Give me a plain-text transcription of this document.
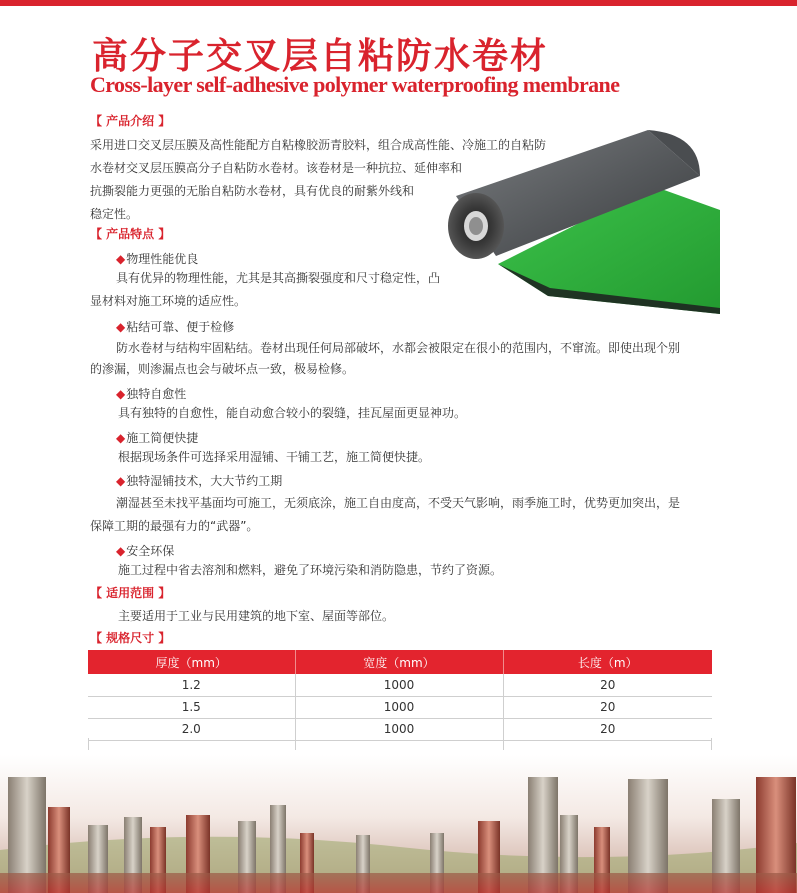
高分子交叉层自粘防水卷材
Cross-layer self-adhesive polymer waterproofing membrane
【 产品介绍 】
采用进口交叉层压膜及高性能配方自粘橡胶沥青胶料，组合成高性能、冷施工的自粘防
水卷材交叉层压膜高分子自粘防水卷材。该卷材是一种抗拉、延伸率和
抗撕裂能力更强的无胎自粘防水卷材，具有优良的耐紫外线和
稳定性。
【 产品特点 】
◆物理性能优良
具有优异的物理性能，尤其是其高撕裂强度和尺寸稳定性，凸
显材料对施工环境的适应性。
◆粘结可靠、便于检修
防水卷材与结构牢固粘结。卷材出现任何局部破坏，水都会被限定在很小的范围内，不窜流。即使出现个别
的渗漏，则渗漏点也会与破坏点一致，极易检修。
◆独特自愈性
具有独特的自愈性，能自动愈合较小的裂缝，挂瓦屋面更显神功。
◆施工简便快捷
根据现场条件可选择采用湿铺、干铺工艺，施工简便快捷。
◆独特湿铺技术，大大节约工期
潮湿甚至未找平基面均可施工，无须底涂，施工自由度高，不受天气影响，雨季施工时，优势更加突出，是
保障工期的最强有力的“武器”。
◆安全环保
施工过程中省去溶剂和燃料，避免了环境污染和消防隐患，节约了资源。
【 适用范围 】
主要适用于工业与民用建筑的地下室、屋面等部位。
【 规格尺寸 】
厚度（mm）	宽度（mm）	长度（m）
1.2	1000	20
1.5	1000	20
2.0	1000	20
